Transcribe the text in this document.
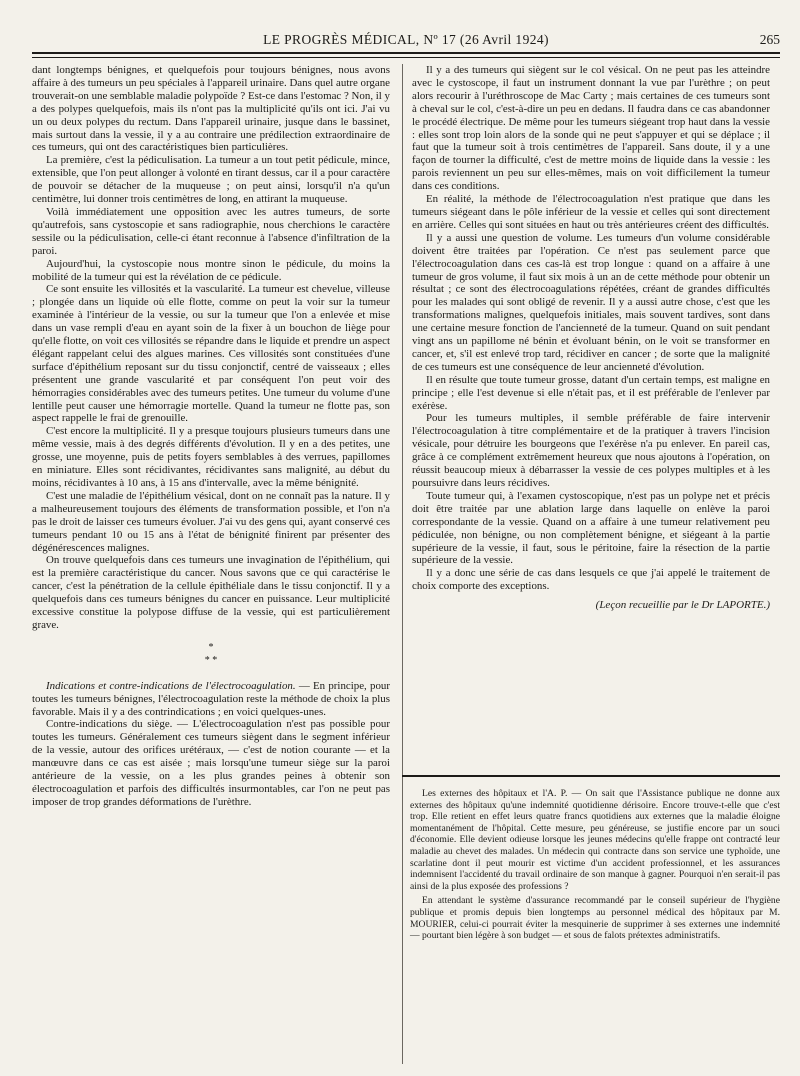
LE PROGRÈS MÉDICAL, Nº 17 (26 Avril 1924)	265

dant longtemps bénignes, et quelquefois pour toujours bénignes, nous avons affaire à des tumeurs un peu spéciales à l'appareil urinaire. Dans quel autre organe trouverait-on une semblable maladie polypoïde ? Est-ce dans l'estomac ? Non, il y a des polypes quelquefois, mais ils n'ont pas la multiplicité qu'ils ont ici. J'ai vu un ou deux polypes du rectum. Dans l'appareil urinaire, jusque dans le bassinet, mais surtout dans la vessie, il y a au contraire une prédilection extraordinaire de ces tumeurs, qui ont des caractéristiques bien particulières.

La première, c'est la pédiculisation. La tumeur a un tout petit pédicule, mince, extensible, que l'on peut allonger à volonté en tirant dessus, car il a pour caractère de pouvoir se détacher de la muqueuse ; on peut ainsi, lorsqu'il n'a qu'un centimètre, lui donner trois centimètres de long, en attirant la muqueuse.

Voilà immédiatement une opposition avec les autres tumeurs, de sorte qu'autrefois, sans cystoscopie et sans radiographie, nous cherchions le caractère sessile ou la pédiculisation, celle-ci étant reconnue à l'absence d'infiltration de la paroi.

Aujourd'hui, la cystoscopie nous montre sinon le pédicule, du moins la mobilité de la tumeur qui est la révélation de ce pédicule.

Ce sont ensuite les villosités et la vascularité. La tumeur est chevelue, villeuse ; plongée dans un liquide où elle flotte, comme on peut la voir sur la tumeur examinée à l'intérieur de la vessie, ou sur la tumeur que l'on a enlevée et mise dans un vase rempli d'eau en ayant soin de la fixer à un bouchon de liège pour qu'elle flotte, on voit ces villosités se répandre dans le liquide et prendre un aspect élégant rappelant celui des algues marines. Ces villosités sont constituées d'une surface d'épithélium reposant sur du tissu conjonctif, centré de vaisseaux ; elles présentent une grande vascularité et par conséquent l'on peut voir des hémorragies considérables avec des tumeurs petites. Une tumeur du volume d'une lentille peut causer une hémorragie mortelle. Quand la tumeur ne flotte pas, son aspect rappelle le frai de grenouille.

C'est encore la multiplicité. Il y a presque toujours plusieurs tumeurs dans une même vessie, mais à des degrés différents d'évolution. Il y en a des petites, une grosse, une moyenne, puis de petits foyers semblables à des verrues, papillomes en miniature. Elles sont récidivantes, récidivantes sans malignité, au début du moins, récidivantes à 10 ans, à 15 ans d'intervalle, avec la même bénignité.

C'est une maladie de l'épithélium vésical, dont on ne connaît pas la nature. Il y a malheureusement toujours des éléments de transformation possible, et l'on n'a pas le droit de laisser ces tumeurs évoluer. J'ai vu des gens qui, ayant conservé ces tumeurs pendant 10 ou 15 ans à l'état de bénignité finirent par présenter des dégénérescences malignes.

On trouve quelquefois dans ces tumeurs une invagination de l'épithélium, qui est la première caractéristique du cancer. Nous savons que ce qui caractérise le cancer, c'est la pénétration de la cellule épithéliale dans le tissu conjonctif. Il y a quelquefois dans ces tumeurs bénignes du cancer en puissance. Leur multiplicité excessive constitue la polypose diffuse de la vessie, qui est particulièrement grave.

*
* *

Indications et contre-indications de l'électrocoagulation. — En principe, pour toutes les tumeurs bénignes, l'électrocoagulation reste la méthode de choix la plus favorable. Mais il y a des contrindications ; en voici quelques-unes.

Contre-indications du siège. — L'électrocoagulation n'est pas possible pour toutes les tumeurs. Généralement ces tumeurs siègent dans le segment inférieur de la vessie, autour des orifices urétéraux, — c'est de notion courante — et la manœuvre dans ce cas est aisée ; mais lorsqu'une tumeur siège sur la paroi antérieure de la vessie, on a les plus grandes peines à obtenir son électrocoagulation et parfois des difficultés insurmontables, car l'on ne peut pas imposer de trop grandes déformations de l'urèthre.

Il y a des tumeurs qui siègent sur le col vésical. On ne peut pas les atteindre avec le cystoscope, il faut un instrument donnant la vue par l'urèthre ; on peut alors recourir à l'uréthroscope de Mac Carty ; mais certaines de ces tumeurs sont à cheval sur le col, c'est-à-dire un peu en dedans. Il faudra dans ce cas abandonner le procédé électrique. De même pour les tumeurs siégeant trop haut dans la vessie : elles sont trop loin alors de la sonde qui ne peut s'appuyer et qui se déplace ; il faut que la tumeur soit à trois centimètres de l'appareil. Sans doute, il y a une façon de tourner la difficulté, c'est de mettre moins de liquide dans la vessie : les parois reviennent un peu sur elles-mêmes, mais on voit difficilement la tumeur dans ces conditions.

En réalité, la méthode de l'électrocoagulation n'est pratique que dans les tumeurs siégeant dans le pôle inférieur de la vessie et celles qui sont directement en arrière. Celles qui sont situées en haut ou très antérieures créent des difficultés.

Il y a aussi une question de volume. Les tumeurs d'un volume considérable doivent être traitées par l'opération. Ce n'est pas seulement parce que l'électrocoagulation dans ces cas-là est trop longue : quand on a affaire à une tumeur de gros volume, il faut six mois à un an de cette méthode pour obtenir un résultat ; ce sont des électrocoagulations répétées, créant de grandes difficultés pour les malades qui sont obligé de revenir. Il y a aussi autre chose, c'est que les transformations malignes, quelquefois initiales, mais souvent tardives, sont dans une certaine mesure fonction de l'ancienneté de la tumeur. Quand on suit pendant vingt ans un papillome né bénin et évoluant bénin, on le voit se transformer en cancer, et, s'il est enlevé trop tard, récidiver en cancer ; de sorte que la malignité de ces tumeurs est une conséquence de leur ancienneté d'évolution.

Il en résulte que toute tumeur grosse, datant d'un certain temps, est maligne en principe ; elle l'est devenue si elle n'était pas, et il est préférable de l'enlever par exérèse.

Pour les tumeurs multiples, il semble préférable de faire intervenir l'électrocoagulation à titre complémentaire et de la pratiquer à travers l'incision vésicale, pour détruire les bourgeons que l'exérèse n'a pu enlever. En pareil cas, grâce à ce complément extrêmement heureux que nous ajoutons à l'opération, on réussit beaucoup mieux à débarrasser la vessie de ces polypes multiples et à les poursuivre dans leurs récidives.

Toute tumeur qui, à l'examen cystoscopique, n'est pas un polype net et précis doit être traitée par une ablation large dans laquelle on enlève la paroi correspondante de la vessie. Quand on a affaire à une tumeur relativement peu pédiculée, non bénigne, ou non complètement bénigne, et siégeant à la partie supérieure de la vessie, il faut, sous le péritoine, faire la résection de la partie supérieure de la vessie.

Il y a donc une série de cas dans lesquels ce que j'ai appelé le traitement de choix comporte des exceptions.

(Leçon recueillie par le Dr LAPORTE.)

Les externes des hôpitaux et l'A. P. — On sait que l'Assistance publique ne donne aux externes des hôpitaux qu'une indemnité quotidienne dérisoire. Encore trouve-t-elle que c'est trop. Elle retient en effet leurs quatre francs quotidiens aux externes que la maladie éloigne momentanément de l'hôpital. Cette mesure, peu généreuse, se justifie encore par un souci d'économie. Elle devient odieuse lorsque les jeunes médecins qu'elle frappe ont contracté leur maladie au chevet des malades. Un médecin qui contracte dans son service une typhoïde, une scarlatine dont il peut mourir est victime d'un accident professionnel, et les assurances indemnisent l'accidenté du travail ordinaire de son manque à gagner. Pourquoi n'en serait-il pas ainsi de la plus exposée des professions ?

En attendant le système d'assurance recommandé par le conseil supérieur de l'hygiène publique et promis depuis bien longtemps au personnel médical des hôpitaux par M. MOURIER, celui-ci pourrait éviter la mesquinerie de supprimer à ses externes une indemnité — pourtant bien légère à son budget — et sous de falots prétextes administratifs.
